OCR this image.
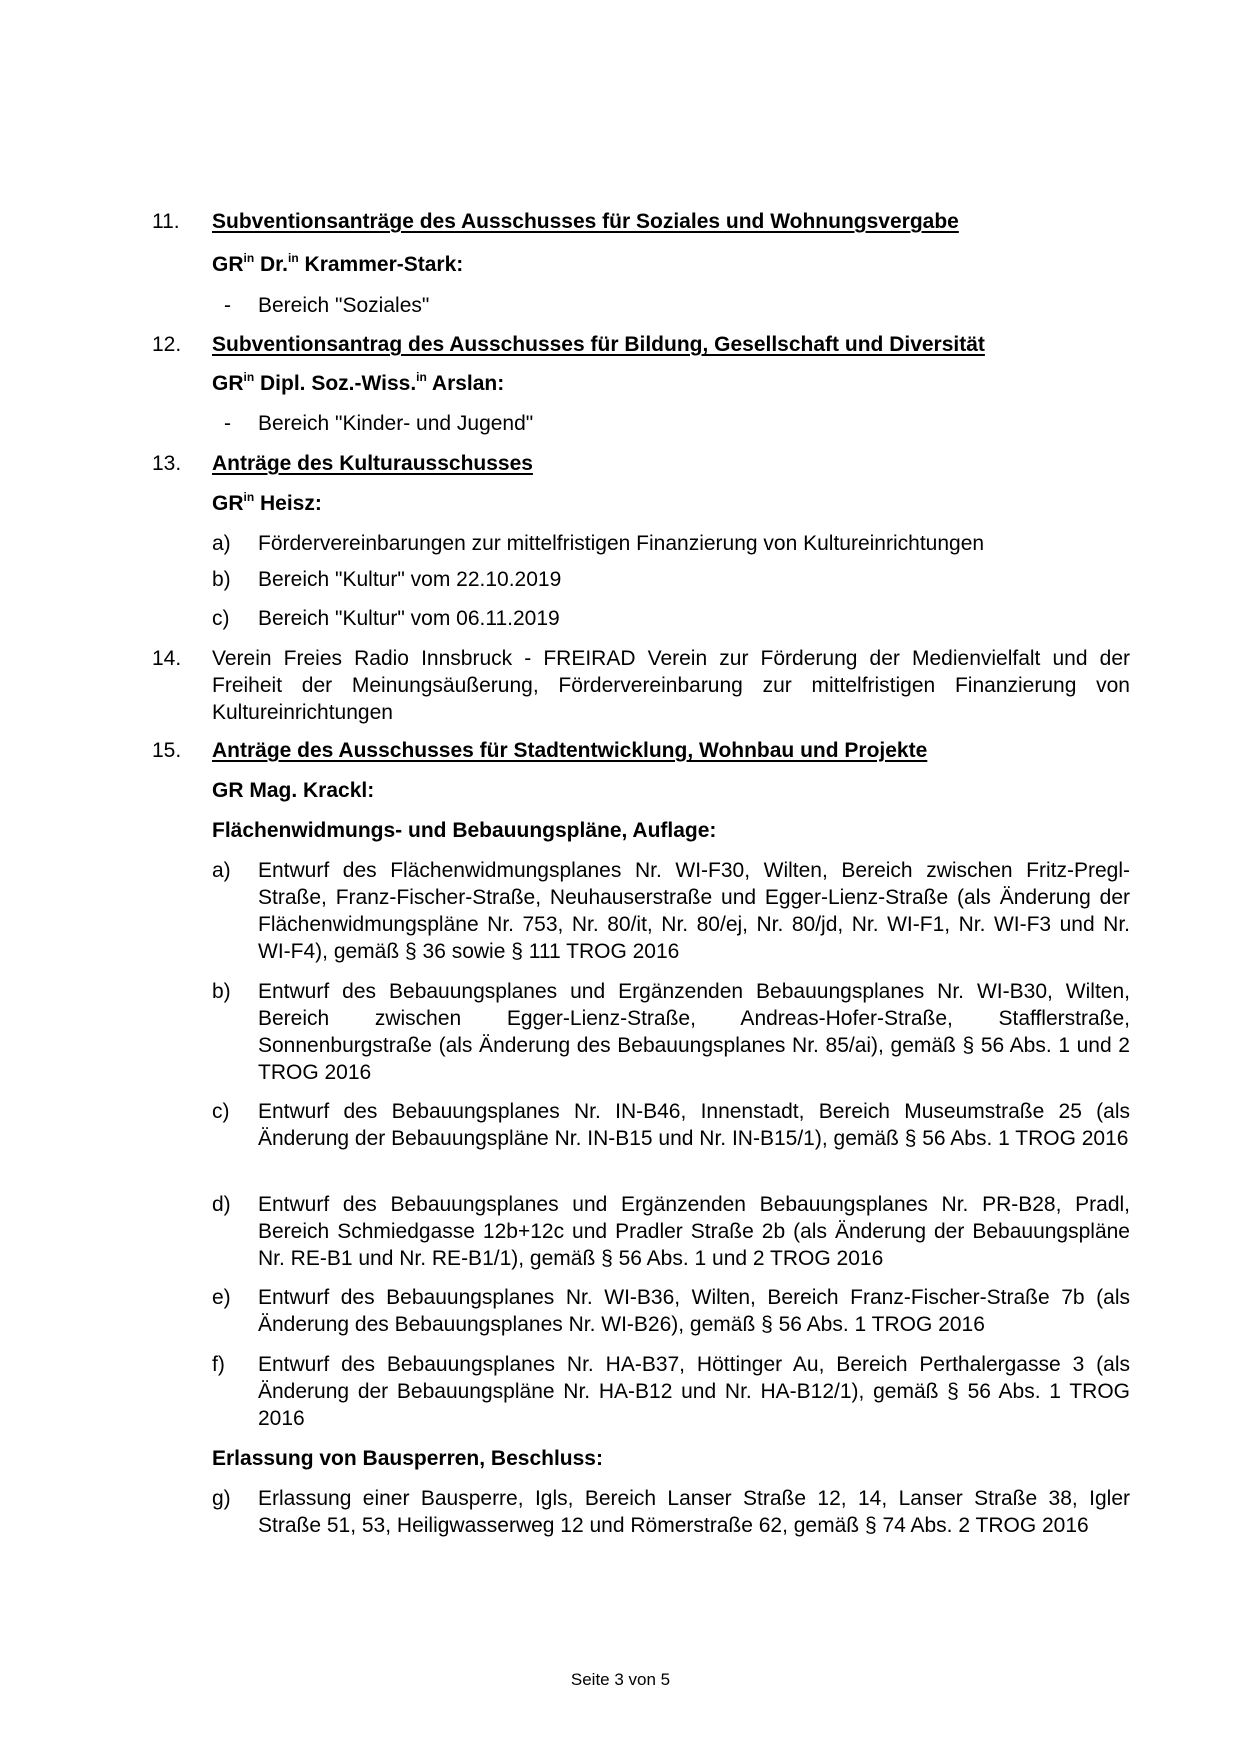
11. Subventionsanträge des Ausschusses für Soziales und Wohnungsvergabe
$GR^{in}$ Dr.$^{in}$ Krammer-Stark:
- Bereich "Soziales"
12. Subventionsantrag des Ausschusses für Bildung, Gesellschaft und Diversität
$GR^{in}$ Dipl. Soz.-Wiss.$^{in}$ Arslan:
- Bereich "Kinder- und Jugend"
13. Anträge des Kulturausschusses
$GR^{in}$ Heisz:
a) Fördervereinbarungen zur mittelfristigen Finanzierung von Kultureinrichtungen
b) Bereich "Kultur" vom 22.10.2019
c) Bereich "Kultur" vom 06.11.2019
14. Verein Freies Radio Innsbruck - FREIRAD Verein zur Förderung der Medienvielfalt und der Freiheit der Meinungsäußerung, Fördervereinbarung zur mittelfristigen Finanzierung von Kultureinrichtungen
15. Anträge des Ausschusses für Stadtentwicklung, Wohnbau und Projekte
GR Mag. Krackl:
Flächenwidmungs- und Bebauungspläne, Auflage:
a) Entwurf des Flächenwidmungsplanes Nr. WI-F30, Wilten, Bereich zwischen Fritz-Pregl-Straße, Franz-Fischer-Straße, Neuhauserstraße und Egger-Lienz-Straße (als Änderung der Flächenwidmungspläne Nr. 753, Nr. 80/it, Nr. 80/ej, Nr. 80/jd, Nr. WI-F1, Nr. WI-F3 und Nr. WI-F4), gemäß § 36 sowie § 111 TROG 2016
b) Entwurf des Bebauungsplanes und Ergänzenden Bebauungsplanes Nr. WI-B30, Wilten, Bereich zwischen Egger-Lienz-Straße, Andreas-Hofer-Straße, Stafflerstraße, Sonnenburgstraße (als Änderung des Bebauungsplanes Nr. 85/ai), gemäß § 56 Abs. 1 und 2 TROG 2016
c) Entwurf des Bebauungsplanes Nr. IN-B46, Innenstadt, Bereich Museumstraße 25 (als Änderung der Bebauungspläne Nr. IN-B15 und Nr. IN-B15/1), gemäß § 56 Abs. 1 TROG 2016
d) Entwurf des Bebauungsplanes und Ergänzenden Bebauungsplanes Nr. PR-B28, Pradl, Bereich Schmiedgasse 12b+12c und Pradler Straße 2b (als Änderung der Bebauungspläne Nr. RE-B1 und Nr. RE-B1/1), gemäß § 56 Abs. 1 und 2 TROG 2016
e) Entwurf des Bebauungsplanes Nr. WI-B36, Wilten, Bereich Franz-Fischer-Straße 7b (als Änderung des Bebauungsplanes Nr. WI-B26), gemäß § 56 Abs. 1 TROG 2016
f) Entwurf des Bebauungsplanes Nr. HA-B37, Höttinger Au, Bereich Perthalergasse 3 (als Änderung der Bebauungspläne Nr. HA-B12 und Nr. HA-B12/1), gemäß § 56 Abs. 1 TROG 2016
Erlassung von Bausperren, Beschluss:
g) Erlassung einer Bausperre, Igls, Bereich Lanser Straße 12, 14, Lanser Straße 38, Igler Straße 51, 53, Heiligwasserweg 12 und Römerstraße 62, gemäß § 74 Abs. 2 TROG 2016
Seite 3 von 5
